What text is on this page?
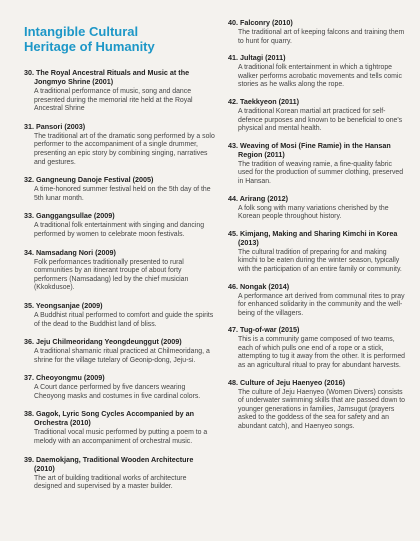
Intangible Cultural
Heritage of Humanity
30. The Royal Ancestral Rituals and Music at the Jongmyo Shrine (2001)
A traditional performance of music, song and dance presented during the memorial rite held at the Royal Ancestral Shrine
31. Pansori (2003)
The traditional art of the dramatic song performed by a solo performer to the accompaniment of a single drummer, presenting an epic story by combining singing, narratives and gestures.
32. Gangneung Danoje Festival (2005)
A time-honored summer festival held on the 5th day of the 5th lunar month.
33. Ganggangsullae (2009)
A traditional folk entertainment with singing and dancing performed by women to celebrate moon festivals.
34. Namsadang Nori (2009)
Folk performances traditionally presented to rural communities by an itinerant troupe of about forty performers (Namsadang) led by the chief musician (Kkokdusoe).
35. Yeongsanjae (2009)
A Buddhist ritual performed to comfort and guide the spirits of the dead to the Buddhist land of bliss.
36. Jeju Chilmeoridang Yeongdeunggut (2009)
A traditional shamanic ritual practiced at Chilmeoridang, a shrine for the village tutelary of Geonip-dong, Jeju-si.
37. Cheoyongmu (2009)
A Court dance performed by five dancers wearing Cheoyong masks and costumes in five cardinal colors.
38. Gagok, Lyric Song Cycles Accompanied by an Orchestra (2010)
Traditional vocal music performed by putting a poem to a melody with an accompaniment of orchestral music.
39. Daemokjang, Traditional Wooden Architecture (2010)
The art of building traditional works of architecture designed and supervised by a master builder.
40. Falconry (2010)
The traditional art of keeping falcons and training them to hunt for quarry.
41. Jultagi (2011)
A traditional folk entertainment in which a tightrope walker performs acrobatic movements and tells comic stories as he walks along the rope.
42. Taekkyeon (2011)
A traditional Korean martial art practiced for self-defence purposes and known to be beneficial to one's physical and mental health.
43. Weaving of Mosi (Fine Ramie) in the Hansan Region (2011)
The tradition of weaving ramie, a fine-quality fabric used for the production of summer clothing, preserved in Hansan.
44. Arirang (2012)
A folk song with many variations cherished by the Korean people throughout history.
45. Kimjang, Making and Sharing Kimchi in Korea (2013)
The cultural tradition of preparing for and making kimchi to be eaten during the winter season, typically with the participation of an entire family or community.
46. Nongak (2014)
A performance art derived from communal rites to pray for enhanced solidarity in the community and the well-being of the villagers.
47. Tug-of-war (2015)
This is a community game composed of two teams, each of which pulls one end of a rope or a stick, attempting to tug it away from the other. It is performed as an agricultural ritual to pray for abundant harvests.
48. Culture of Jeju Haenyeo (2016)
The culture of Jeju Haenyeo (Women Divers) consists of underwater swimming skills that are passed down to younger generations in families, Jamsugut (prayers asked to the goddess of the sea for safety and an abundant catch), and Haenyeo songs.
